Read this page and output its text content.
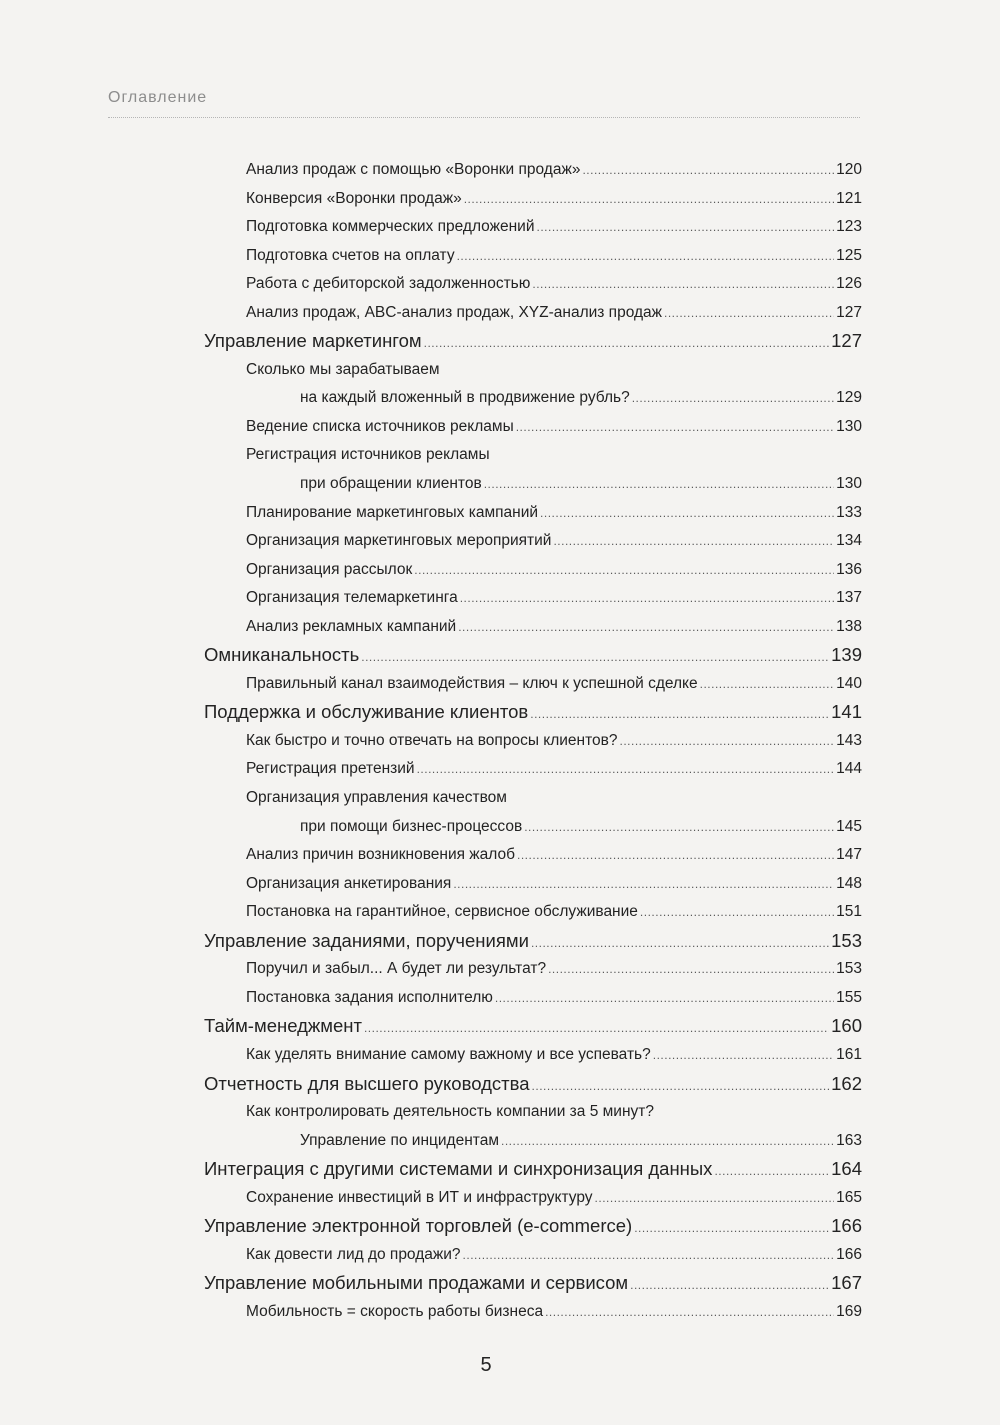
Оглавление
Анализ продаж с помощью «Воронки продаж» .....	120
Конверсия «Воронки продаж» .....	121
Подготовка коммерческих предложений .....	123
Подготовка счетов на оплату .....	125
Работа с дебиторской задолженностью .....	126
Анализ продаж, ABC-анализ продаж, XYZ-анализ продаж .....	127
Управление маркетингом .....	127
Сколько мы зарабатываем
на каждый вложенный в продвижение рубль? .....	129
Ведение списка источников рекламы .....	130
Регистрация источников рекламы
при обращении клиентов .....	130
Планирование маркетинговых кампаний .....	133
Организация маркетинговых мероприятий .....	134
Организация рассылок .....	136
Организация телемаркетинга .....	137
Анализ рекламных кампаний .....	138
Омниканальность .....	139
Правильный канал взаимодействия – ключ к успешной сделке .....	140
Поддержка и обслуживание клиентов .....	141
Как быстро и точно отвечать на вопросы клиентов? .....	143
Регистрация претензий .....	144
Организация управления качеством
при помощи бизнес-процессов .....	145
Анализ причин возникновения жалоб .....	147
Организация анкетирования .....	148
Постановка на гарантийное, сервисное обслуживание .....	151
Управление заданиями, поручениями .....	153
Поручил и забыл... А будет ли результат? .....	153
Постановка задания исполнителю .....	155
Тайм-менеджмент .....	160
Как уделять внимание самому важному и все успевать? .....	161
Отчетность для высшего руководства .....	162
Как контролировать деятельность компании за 5 минут?
Управление по инцидентам .....	163
Интеграция с другими системами и синхронизация данных .....	164
Сохранение инвестиций в ИТ и инфраструктуру .....	165
Управление электронной торговлей (e-commerce) .....	166
Как довести лид до продажи? .....	166
Управление мобильными продажами и сервисом .....	167
Мобильность = скорость работы бизнеса .....	169
5
